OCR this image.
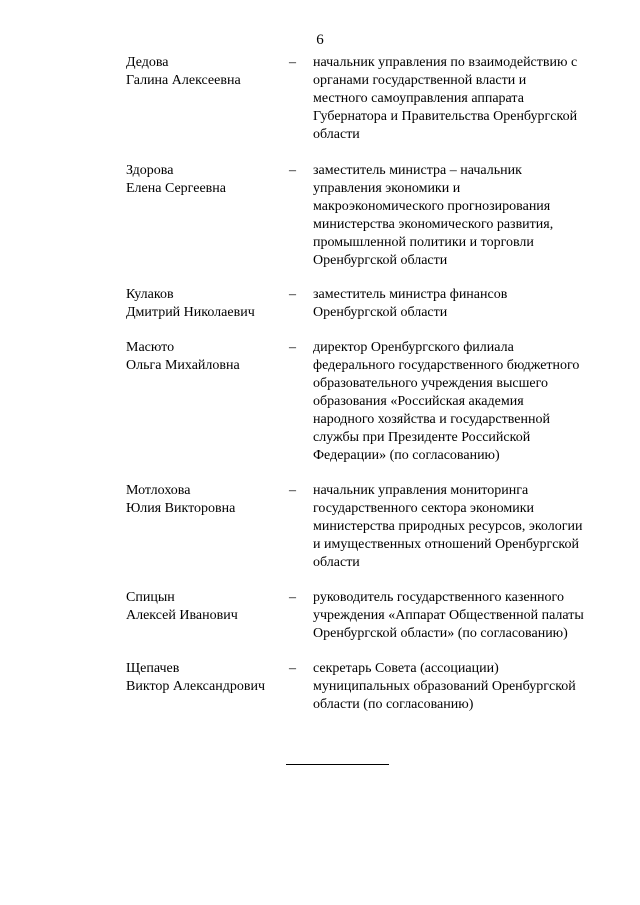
6
Дедова
Галина Алексеевна
– начальник управления по взаимодействию с
органами государственной власти и
местного самоуправления аппарата
Губернатора и Правительства Оренбургской
области
Здорова
Елена Сергеевна
– заместитель министра – начальник
управления экономики и
макроэкономического прогнозирования
министерства экономического развития,
промышленной политики и торговли
Оренбургской области
Кулаков
Дмитрий Николаевич
– заместитель министра финансов
Оренбургской области
Масюто
Ольга Михайловна
– директор Оренбургского филиала
федерального государственного бюджетного
образовательного учреждения высшего
образования «Российская академия
народного хозяйства и государственной
службы при Президенте Российской
Федерации» (по согласованию)
Мотлохова
Юлия Викторовна
– начальник управления мониторинга
государственного сектора экономики
министерства природных ресурсов, экологии
и имущественных отношений Оренбургской
области
Спицын
Алексей Иванович
– руководитель государственного казенного
учреждения «Аппарат Общественной палаты
Оренбургской области» (по согласованию)
Щепачев
Виктор Александрович
– секретарь Совета (ассоциации)
муниципальных образований Оренбургской
области (по согласованию)
